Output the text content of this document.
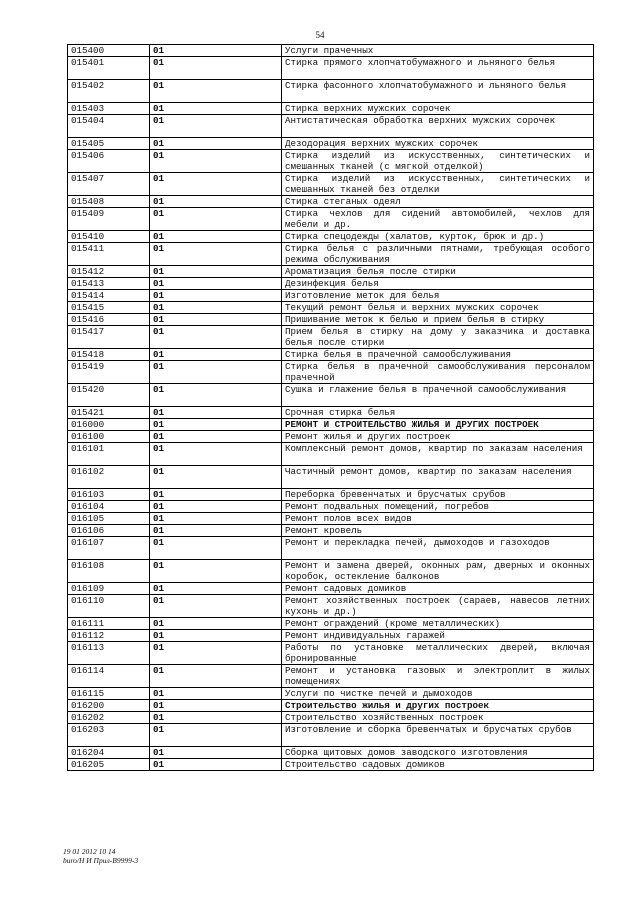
54
015400	01	Услуги прачечных
015401	01	Стирка прямого хлопчатобумажного и льняного белья
015402	01	Стирка фасонного хлопчатобумажного и льняного белья
015403	01	Стирка верхних мужских сорочек
015404	01	Антистатическая обработка верхних мужских сорочек
015405	01	Дезодорация верхних мужских сорочек
015406	01	Стирка изделий из искусственных, синтетических и смешанных тканей (с мягкой отделкой)
015407	01	Стирка изделий из искусственных, синтетических и смешанных тканей без отделки
015408	01	Стирка стеганых одеял
015409	01	Стирка чехлов для сидений автомобилей, чехлов для мебели и др.
015410	01	Стирка спецодежды (халатов, курток, брюк и др.)
015411	01	Стирка белья с различными пятнами, требующая особого режима обслуживания
015412	01	Ароматизация белья после стирки
015413	01	Дезинфекция белья
015414	01	Изготовление меток для белья
015415	01	Текущий ремонт белья и верхних мужских сорочек
015416	01	Пришивание меток к белью и прием белья в стирку
015417	01	Прием белья в стирку на дому у заказчика и доставка белья после стирки
015418	01	Стирка белья в прачечной самообслуживания
015419	01	Стирка белья в прачечной самообслуживания персоналом прачечной
015420	01	Сушка и глажение белья в прачечной самообслуживания
015421	01	Срочная стирка белья
016000	01	РЕМОНТ И СТРОИТЕЛЬСТВО ЖИЛЬЯ И ДРУГИХ ПОСТРОЕК
016100	01	Ремонт жилья и других построек
016101	01	Комплексный ремонт домов, квартир по заказам населения
016102	01	Частичный ремонт домов, квартир по заказам населения
016103	01	Переборка бревенчатых и брусчатых срубов
016104	01	Ремонт подвальных помещений, погребов
016105	01	Ремонт полов всех видов
016106	01	Ремонт кровель
016107	01	Ремонт и перекладка печей, дымоходов и газоходов
016108	01	Ремонт и замена дверей, оконных рам, дверных и оконных коробок, остекление балконов
016109	01	Ремонт садовых домиков
016110	01	Ремонт хозяйственных построек (сараев, навесов летних кухонь и др.)
016111	01	Ремонт ограждений (кроме металлических)
016112	01	Ремонт индивидуальных гаражей
016113	01	Работы по установке металлических дверей, включая бронированные
016114	01	Ремонт и установка газовых и электроплит в жилых помещениях
016115	01	Услуги по чистке печей и дымоходов
016200	01	Строительство жилья и других построек
016202	01	Строительство хозяйственных построек
016203	01	Изготовление и сборка бревенчатых и брусчатых срубов
016204	01	Сборка щитовых домов заводского изготовления
016205	01	Строительство садовых домиков
19 01 2012 10 14
buro/Н И Прил-В9999-3
